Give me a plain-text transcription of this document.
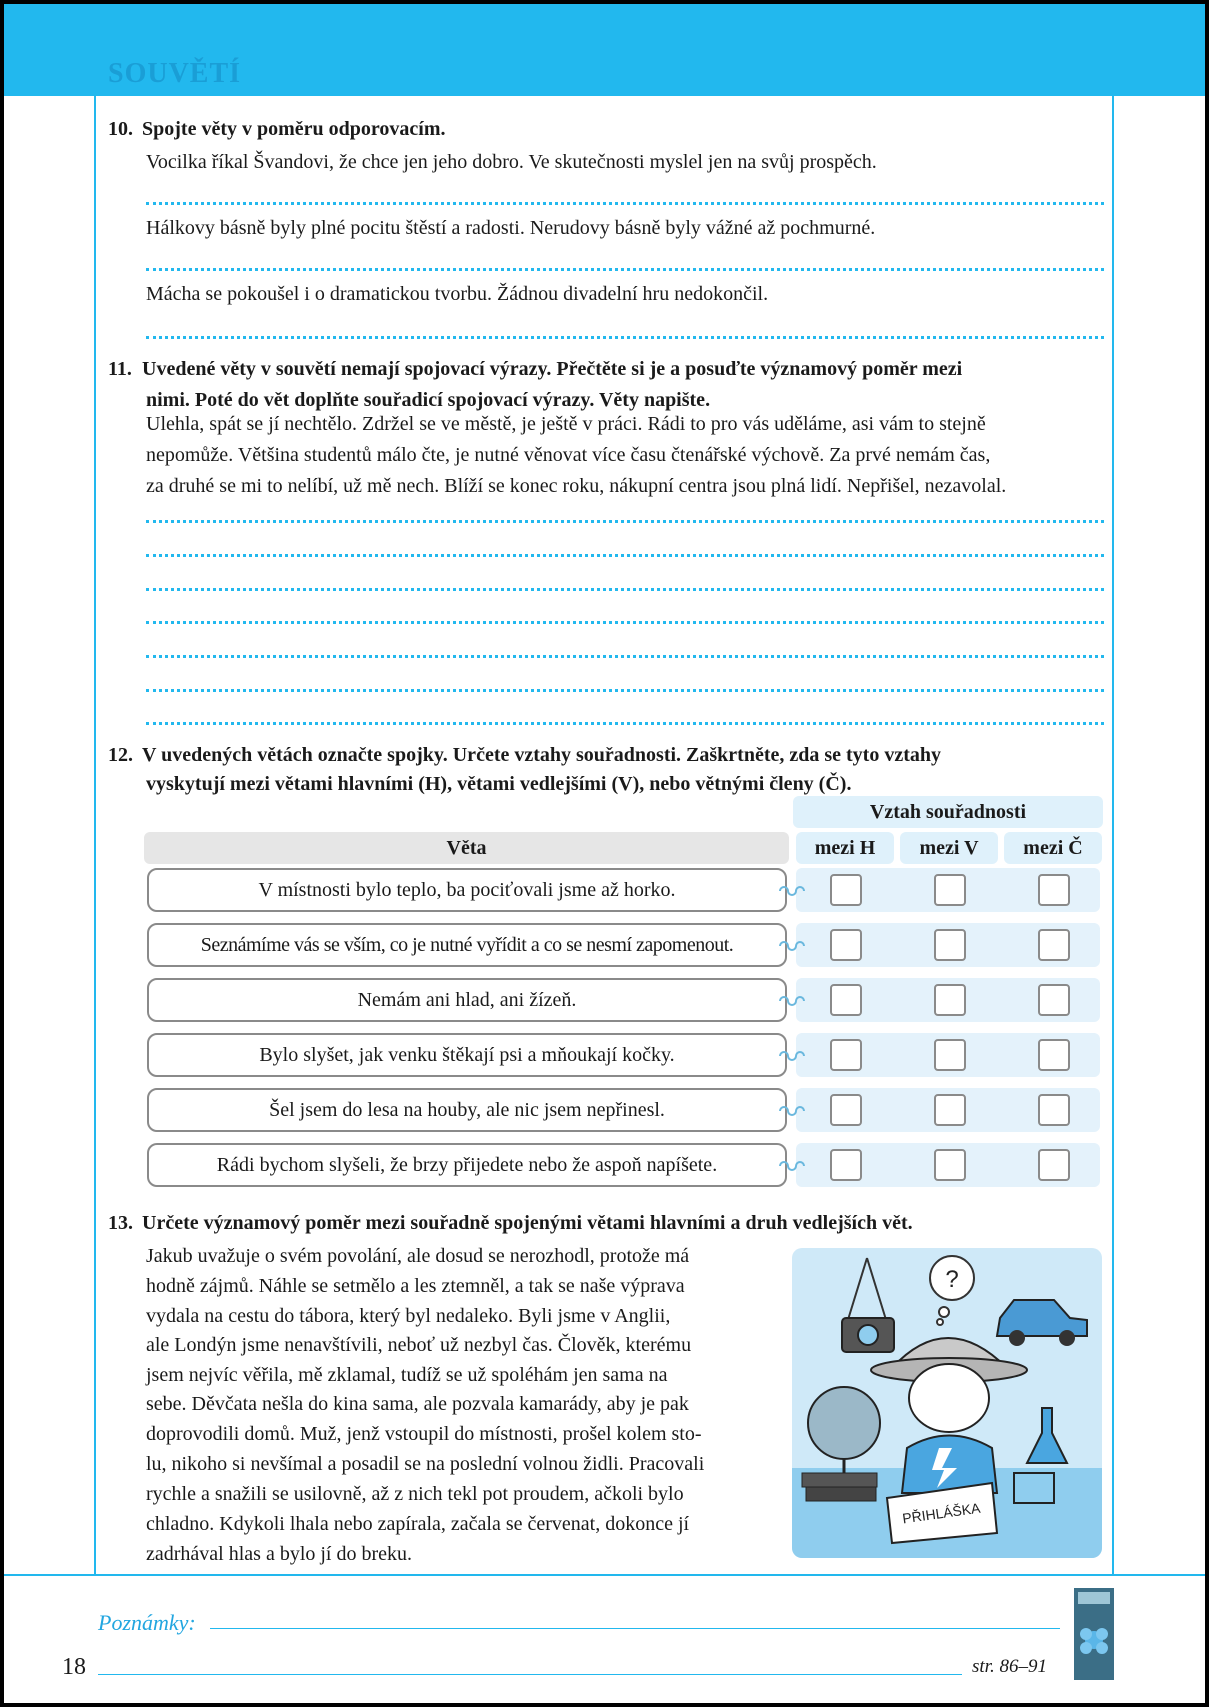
SOUVĚTÍ
10. Spojte věty v poměru odporovacím.
Vocilka říkal Švandovi, že chce jen jeho dobro. Ve skutečnosti myslel jen na svůj prospěch.
Hálkovy básně byly plné pocitu štěstí a radosti. Nerudovy básně byly vážné až pochmurné.
Mácha se pokoušel i o dramatickou tvorbu. Žádnou divadelní hru nedokončil.
11. Uvedené věty v souvětí nemají spojovací výrazy. Přečtěte si je a posuďte významový poměr mezi
nimi. Poté do vět doplňte souřadicí spojovací výrazy. Věty napište.
Ulehla, spát se jí nechtělo. Zdržel se ve městě, je ještě v práci. Rádi to pro vás uděláme, asi vám to stejně
nepomůže. Většina studentů málo čte, je nutné věnovat více času čtenářské výchově. Za prvé nemám čas,
za druhé se mi to nelíbí, už mě nech. Blíží se konec roku, nákupní centra jsou plná lidí. Nepřišel, nezavolal.
12. V uvedených větách označte spojky. Určete vztahy souřadnosti. Zaškrtněte, zda se tyto vztahy
vyskytují mezi větami hlavními (H), větami vedlejšími (V), nebo větnými členy (Č).
Vztah souřadnosti
Věta	mezi H	mezi V	mezi Č
V místnosti bylo teplo, ba pociťovali jsme až horko.
Seznámíme vás se vším, co je nutné vyřídit a co se nesmí zapomenout.
Nemám ani hlad, ani žízeň.
Bylo slyšet, jak venku štěkají psi a mňoukají kočky.
Šel jsem do lesa na houby, ale nic jsem nepřinesl.
Rádi bychom slyšeli, že brzy přijedete nebo že aspoň napíšete.
13. Určete významový poměr mezi souřadně spojenými větami hlavními a druh vedlejších vět.
Jakub uvažuje o svém povolání, ale dosud se nerozhodl, protože má
hodně zájmů. Náhle se setmělo a les ztemněl, a tak se naše výprava
vydala na cestu do tábora, který byl nedaleko. Byli jsme v Anglii,
ale Londýn jsme nenavštívili, neboť už nezbyl čas. Člověk, kterému
jsem nejvíc věřila, mě zklamal, tudíž se už spoléhám jen sama na
sebe. Děvčata nešla do kina sama, ale pozvala kamarády, aby je pak
doprovodili domů. Muž, jenž vstoupil do místnosti, prošel kolem sto-
lu, nikoho si nevšímal a posadil se na poslední volnou židli. Pracovali
rychle a snažili se usilovně, až z nich tekl pot proudem, ačkoli bylo
chladno. Kdykoli lhala nebo zapírala, začala se červenat, dokonce jí
zadrhával hlas a bylo jí do breku.
?
PŘIHLÁŠKA
Poznámky:
18	str. 86–91
